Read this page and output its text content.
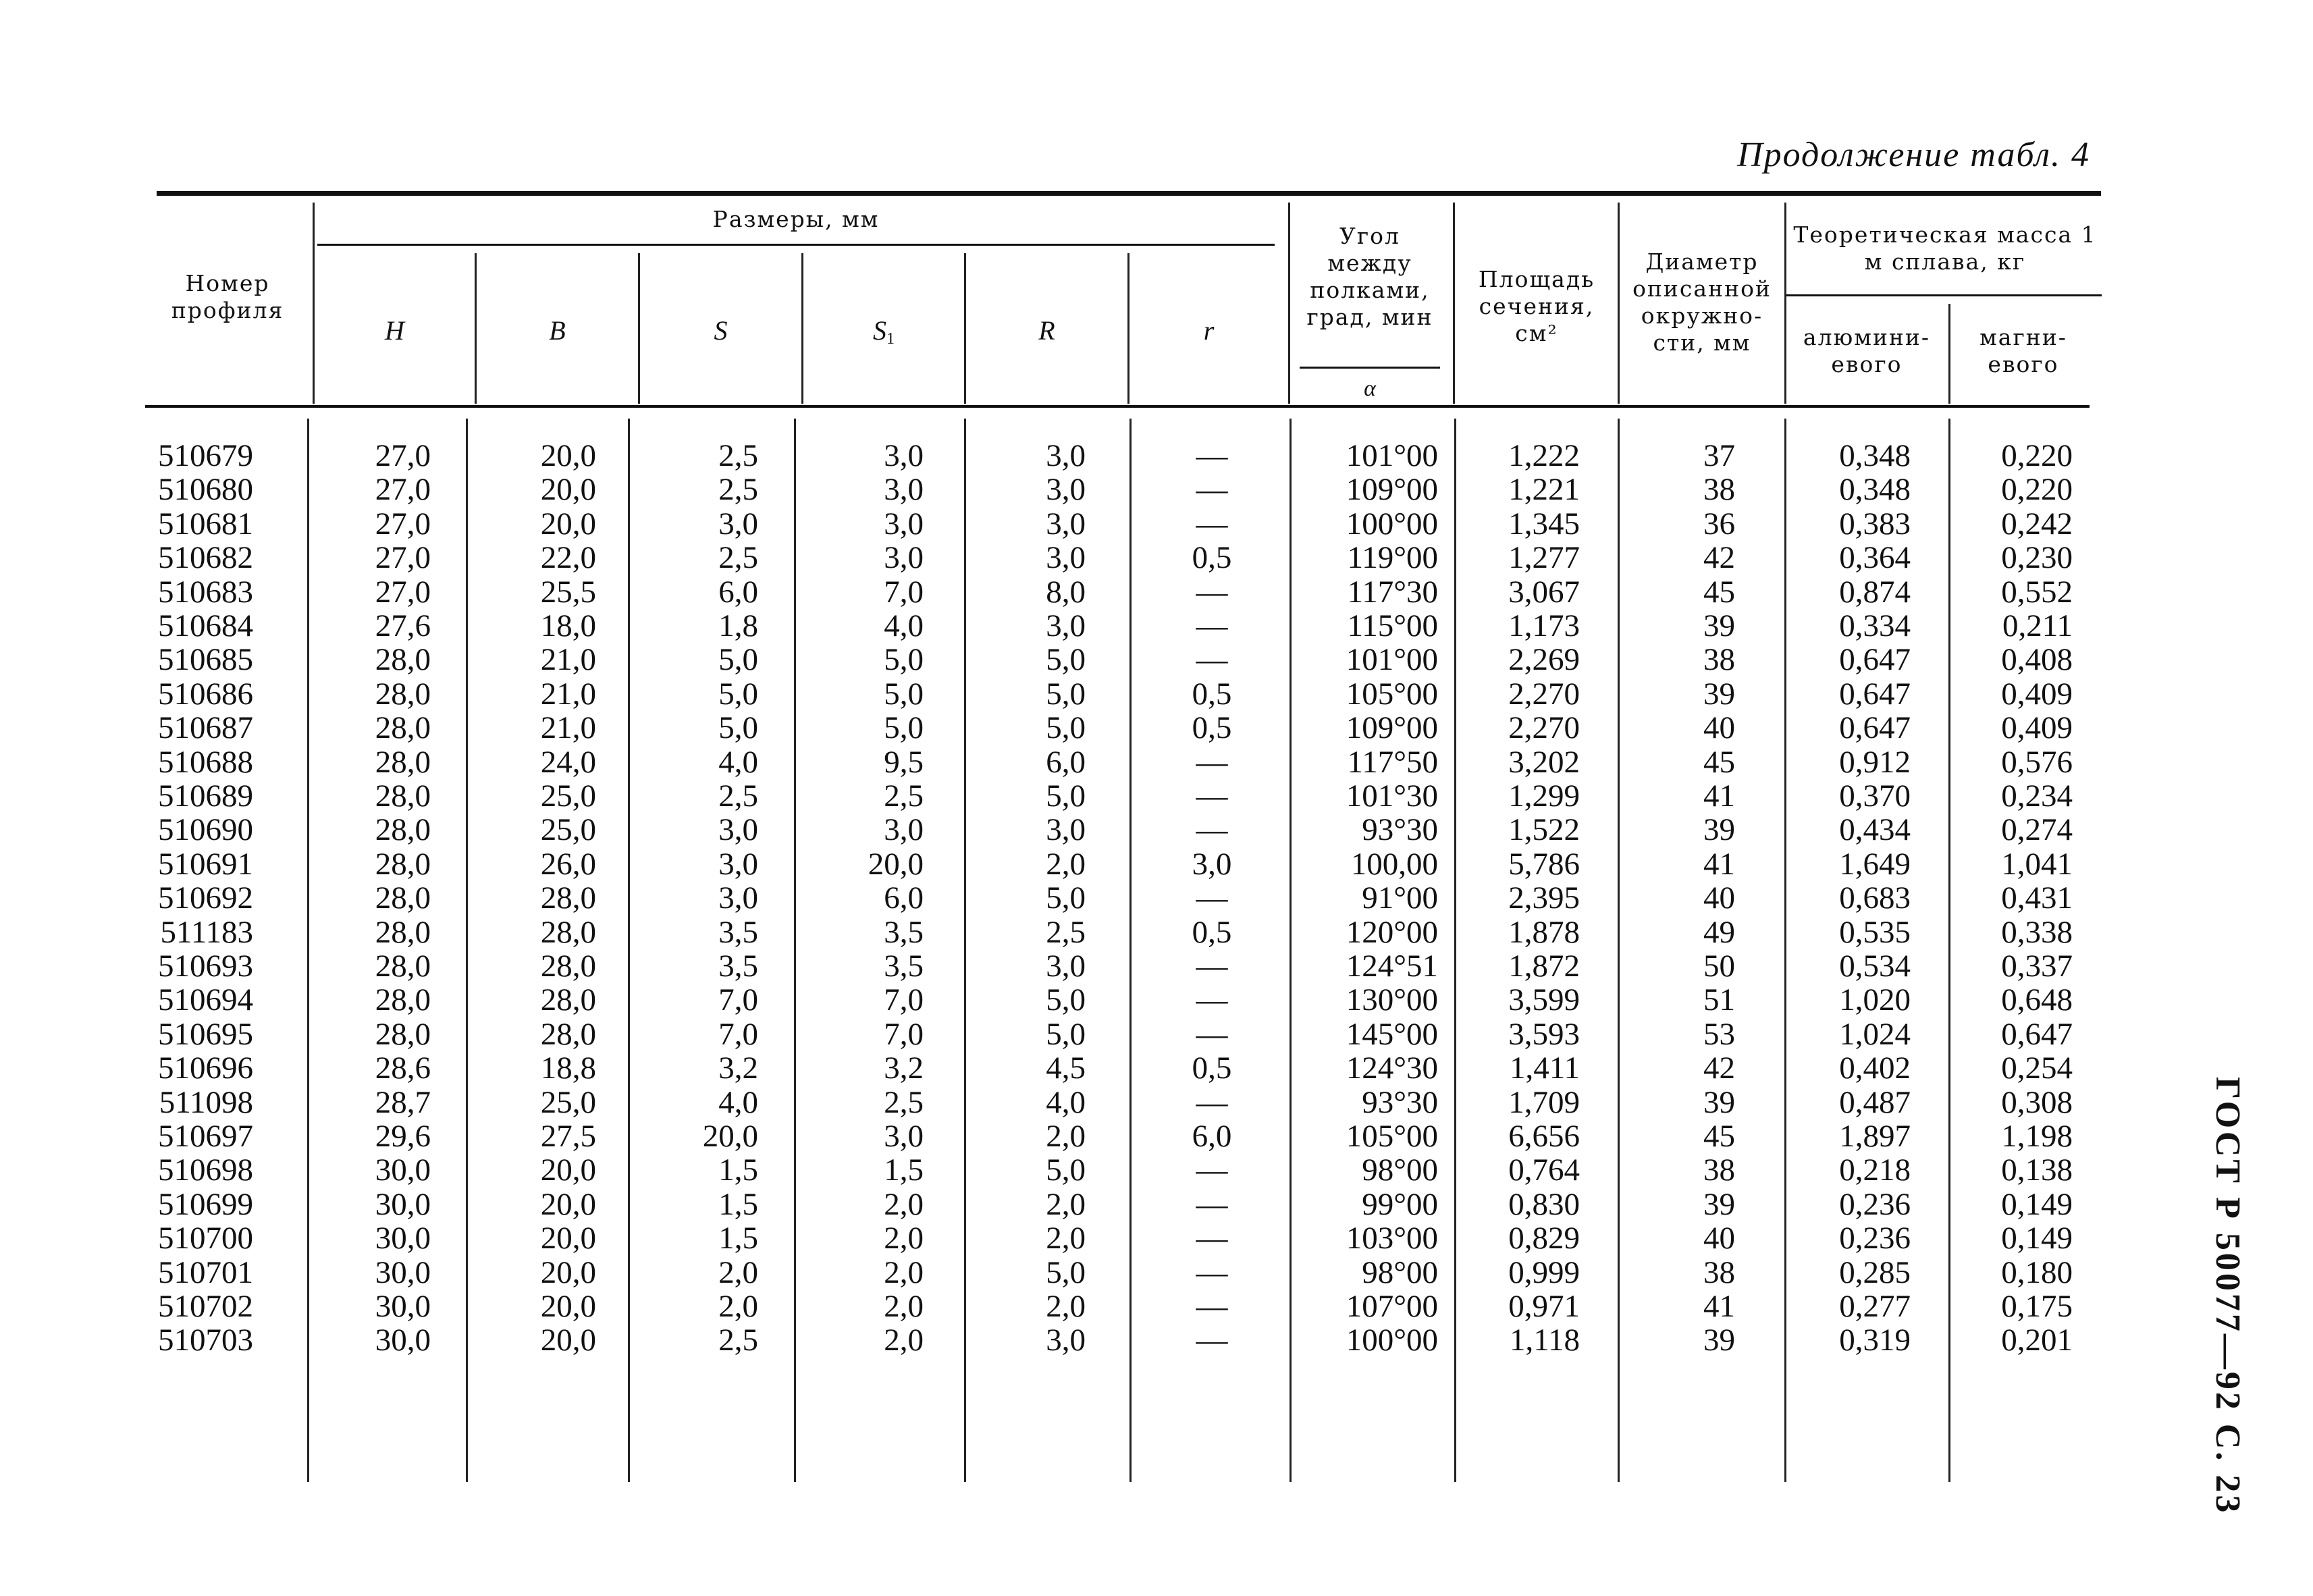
Продолжение табл. 4
ГОСТ Р 50077—92 С. 23
Номер профиля
Размеры, мм
H	B	S	$S_1$	R	r
Угол между полками, град, мин
α
Площадь сечения, см²
Диаметр описанной окружно-сти, мм
Теоретическая масса 1 м сплава, кг
алюмини-евого
магни-евого
510679	27,0	20,0	2,5	3,0	3,0	—	101°00	1,222	37	0,348	0,220
510680	27,0	20,0	2,5	3,0	3,0	—	109°00	1,221	38	0,348	0,220
510681	27,0	20,0	3,0	3,0	3,0	—	100°00	1,345	36	0,383	0,242
510682	27,0	22,0	2,5	3,0	3,0	0,5	119°00	1,277	42	0,364	0,230
510683	27,0	25,5	6,0	7,0	8,0	—	117°30	3,067	45	0,874	0,552
510684	27,6	18,0	1,8	4,0	3,0	—	115°00	1,173	39	0,334	0,211
510685	28,0	21,0	5,0	5,0	5,0	—	101°00	2,269	38	0,647	0,408
510686	28,0	21,0	5,0	5,0	5,0	0,5	105°00	2,270	39	0,647	0,409
510687	28,0	21,0	5,0	5,0	5,0	0,5	109°00	2,270	40	0,647	0,409
510688	28,0	24,0	4,0	9,5	6,0	—	117°50	3,202	45	0,912	0,576
510689	28,0	25,0	2,5	2,5	5,0	—	101°30	1,299	41	0,370	0,234
510690	28,0	25,0	3,0	3,0	3,0	—	93°30	1,522	39	0,434	0,274
510691	28,0	26,0	3,0	20,0	2,0	3,0	100,00	5,786	41	1,649	1,041
510692	28,0	28,0	3,0	6,0	5,0	—	91°00	2,395	40	0,683	0,431
511183	28,0	28,0	3,5	3,5	2,5	0,5	120°00	1,878	49	0,535	0,338
510693	28,0	28,0	3,5	3,5	3,0	—	124°51	1,872	50	0,534	0,337
510694	28,0	28,0	7,0	7,0	5,0	—	130°00	3,599	51	1,020	0,648
510695	28,0	28,0	7,0	7,0	5,0	—	145°00	3,593	53	1,024	0,647
510696	28,6	18,8	3,2	3,2	4,5	0,5	124°30	1,411	42	0,402	0,254
511098	28,7	25,0	4,0	2,5	4,0	—	93°30	1,709	39	0,487	0,308
510697	29,6	27,5	20,0	3,0	2,0	6,0	105°00	6,656	45	1,897	1,198
510698	30,0	20,0	1,5	1,5	5,0	—	98°00	0,764	38	0,218	0,138
510699	30,0	20,0	1,5	2,0	2,0	—	99°00	0,830	39	0,236	0,149
510700	30,0	20,0	1,5	2,0	2,0	—	103°00	0,829	40	0,236	0,149
510701	30,0	20,0	2,0	2,0	5,0	—	98°00	0,999	38	0,285	0,180
510702	30,0	20,0	2,0	2,0	2,0	—	107°00	0,971	41	0,277	0,175
510703	30,0	20,0	2,5	2,0	3,0	—	100°00	1,118	39	0,319	0,201
